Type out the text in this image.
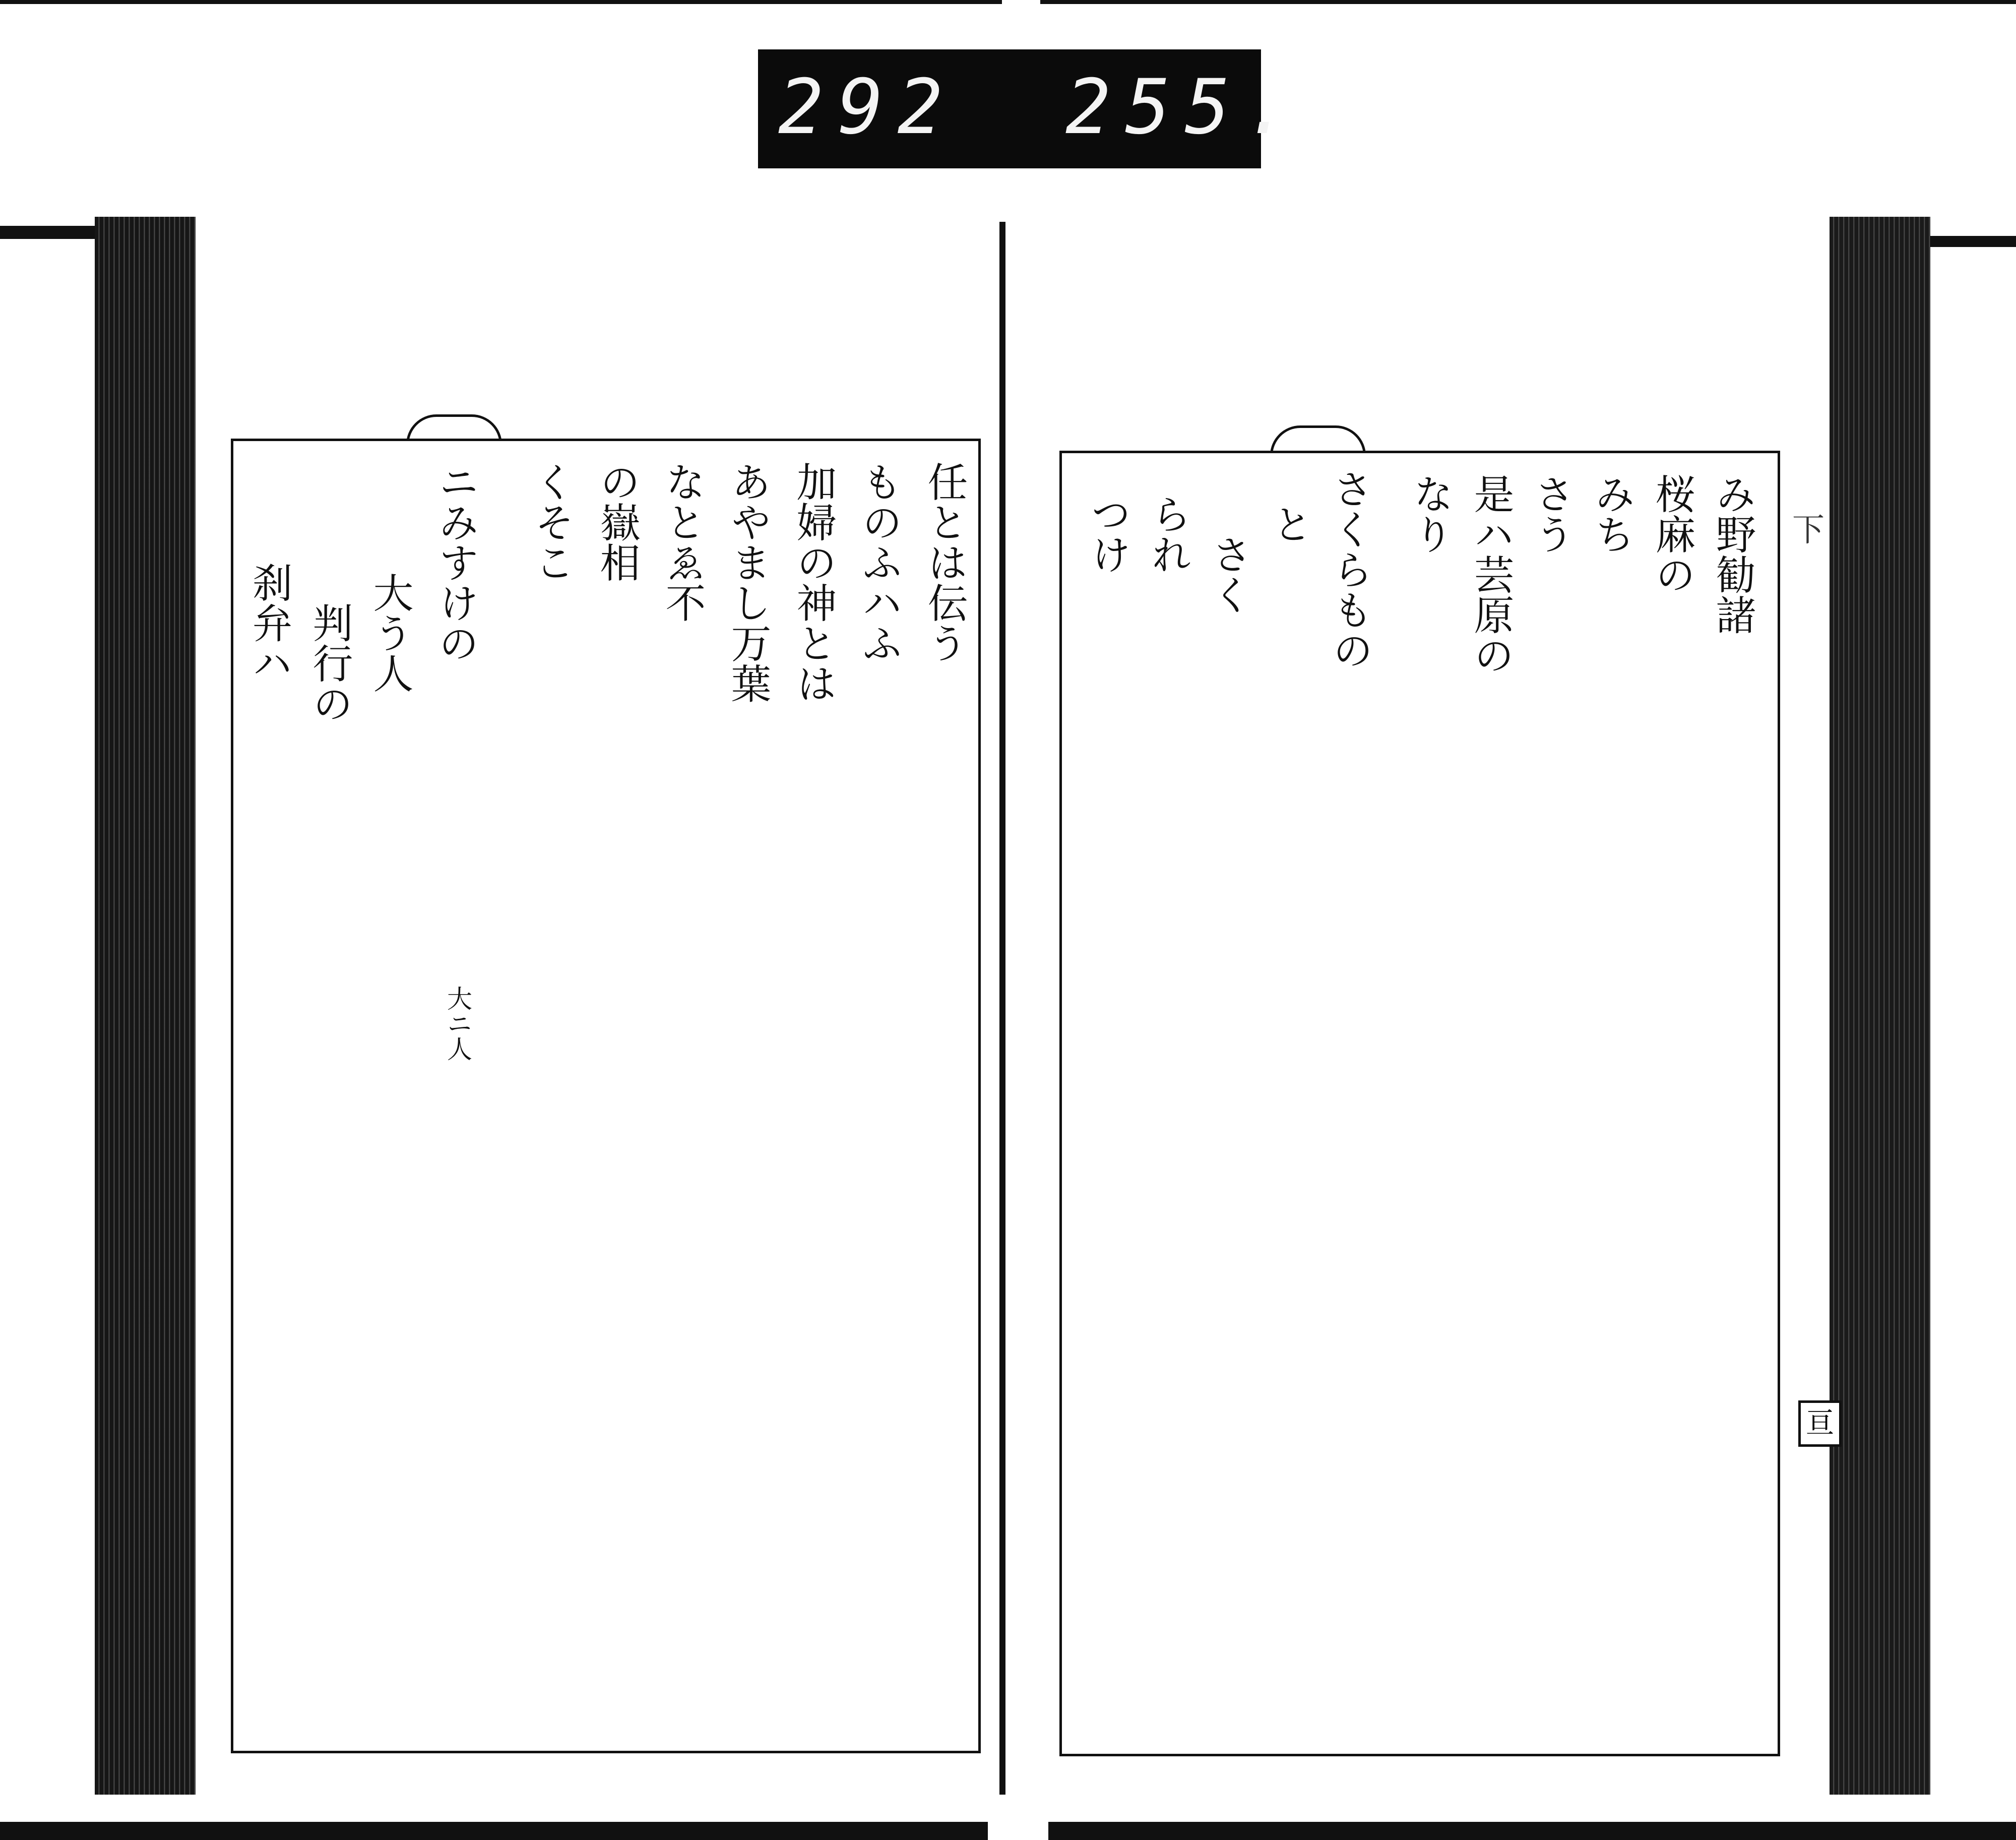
292 255.
任とは伝う
ものふハふ
加婦の神とは
あやまし万葉
なとゑ不
の嶽相
くそこ
ニみすけの
大ニ人
大う人
判行の
刹弁ハ	み野勧諸
桜麻の
みち
さう
是ハ芸原の
なり
さくらもの
と
さく
られ
つけ	下
亘
